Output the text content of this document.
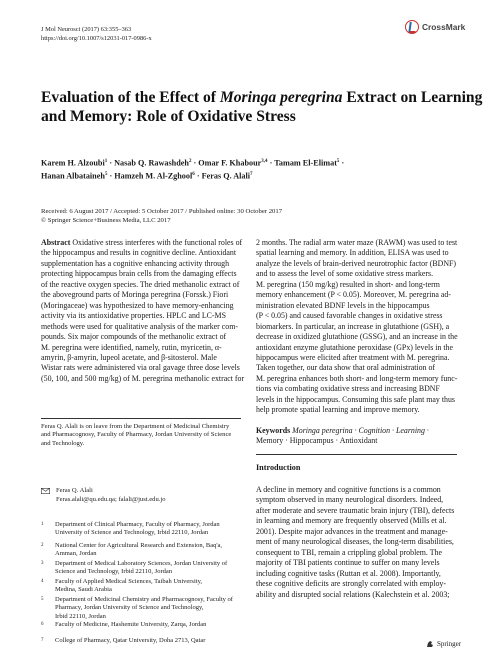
J Mol Neurosci (2017) 63:355–363
https://doi.org/10.1007/s12031-017-0986-x
CrossMark
Evaluation of the Effect of Moringa peregrina Extract on Learning
and Memory: Role of Oxidative Stress
Karem H. Alzoubi$^1$ · Nasab Q. Rawashdeh$^2$ · Omar F. Khabour$^{3,4}$ · Tamam El-Elimat$^5$ ·
Hanan Albataineh$^5$ · Hamzeh M. Al-Zghool$^6$ · Feras Q. Alali$^7$
Received: 6 August 2017 / Accepted: 5 October 2017 / Published online: 30 October 2017
© Springer Science+Business Media, LLC 2017
Abstract Oxidative stress interferes with the functional roles of
the hippocampus and results in cognitive decline. Antioxidant
supplementation has a cognitive enhancing activity through
protecting hippocampus brain cells from the damaging effects
of the reactive oxygen species. The dried methanolic extract of
the aboveground parts of Moringa peregrina (Forssk.) Fiori
(Moringaceae) was hypothesized to have memory-enhancing
activity via its antioxidative properties. HPLC and LC-MS
methods were used for qualitative analysis of the marker com-
pounds. Six major compounds of the methanolic extract of
M. peregrina were identified, namely, rutin, myricetin, α-
amyrin, β-amyrin, lupeol acetate, and β-sitosterol. Male
Wistar rats were administered via oral gavage three dose levels
(50, 100, and 500 mg/kg) of M. peregrina methanolic extract for
2 months. The radial arm water maze (RAWM) was used to test
spatial learning and memory. In addition, ELISA was used to
analyze the levels of brain-derived neurotrophic factor (BDNF)
and to assess the level of some oxidative stress markers.
M. peregrina (150 mg/kg) resulted in short- and long-term
memory enhancement (P < 0.05). Moreover, M. peregrina ad-
ministration elevated BDNF levels in the hippocampus
(P < 0.05) and caused favorable changes in oxidative stress
biomarkers. In particular, an increase in glutathione (GSH), a
decrease in oxidized glutathione (GSSG), and an increase in the
antioxidant enzyme glutathione peroxidase (GPx) levels in the
hippocampus were elicited after treatment with M. peregrina.
Taken together, our data show that oral administration of
M. peregrina enhances both short- and long-term memory func-
tions via combating oxidative stress and increasing BDNF
levels in the hippocampus. Consuming this safe plant may thus
help promote spatial learning and improve memory.
Keywords Moringa peregrina · Cognition · Learning ·
Memory · Hippocampus · Antioxidant
Introduction
A decline in memory and cognitive functions is a common
symptom observed in many neurological disorders. Indeed,
after moderate and severe traumatic brain injury (TBI), defects
in learning and memory are frequently observed (Mills et al.
2001). Despite major advances in the treatment and manage-
ment of many neurological diseases, the long-term disabilities,
consequent to TBI, remain a crippling global problem. The
majority of TBI patients continue to suffer on many levels
including cognitive tasks (Ruttan et al. 2008). Importantly,
these cognitive deficits are strongly correlated with employ-
ability and disrupted social relations (Kalechstein et al. 2003;
Feras Q. Alali is on leave from the Department of Medicinal Chemistry
and Pharmacognosy, Faculty of Pharmacy, Jordan University of Science
and Technology.
Feras Q. Alali
Feras.alali@qu.edu.qa; falali@just.edu.jo
1 Department of Clinical Pharmacy, Faculty of Pharmacy, Jordan
University of Science and Technology, Irbid 22110, Jordan
2 National Center for Agricultural Research and Extension, Baq'a,
Amman, Jordan
3 Department of Medical Laboratory Sciences, Jordan University of
Science and Technology, Irbid 22110, Jordan
4 Faculty of Applied Medical Sciences, Taibah University,
Medina, Saudi Arabia
5 Department of Medicinal Chemistry and Pharmacognosy, Faculty of
Pharmacy, Jordan University of Science and Technology,
Irbid 22110, Jordan
6 Faculty of Medicine, Hashemite University, Zarqa, Jordan
7 College of Pharmacy, Qatar University, Doha 2713, Qatar	Springer
